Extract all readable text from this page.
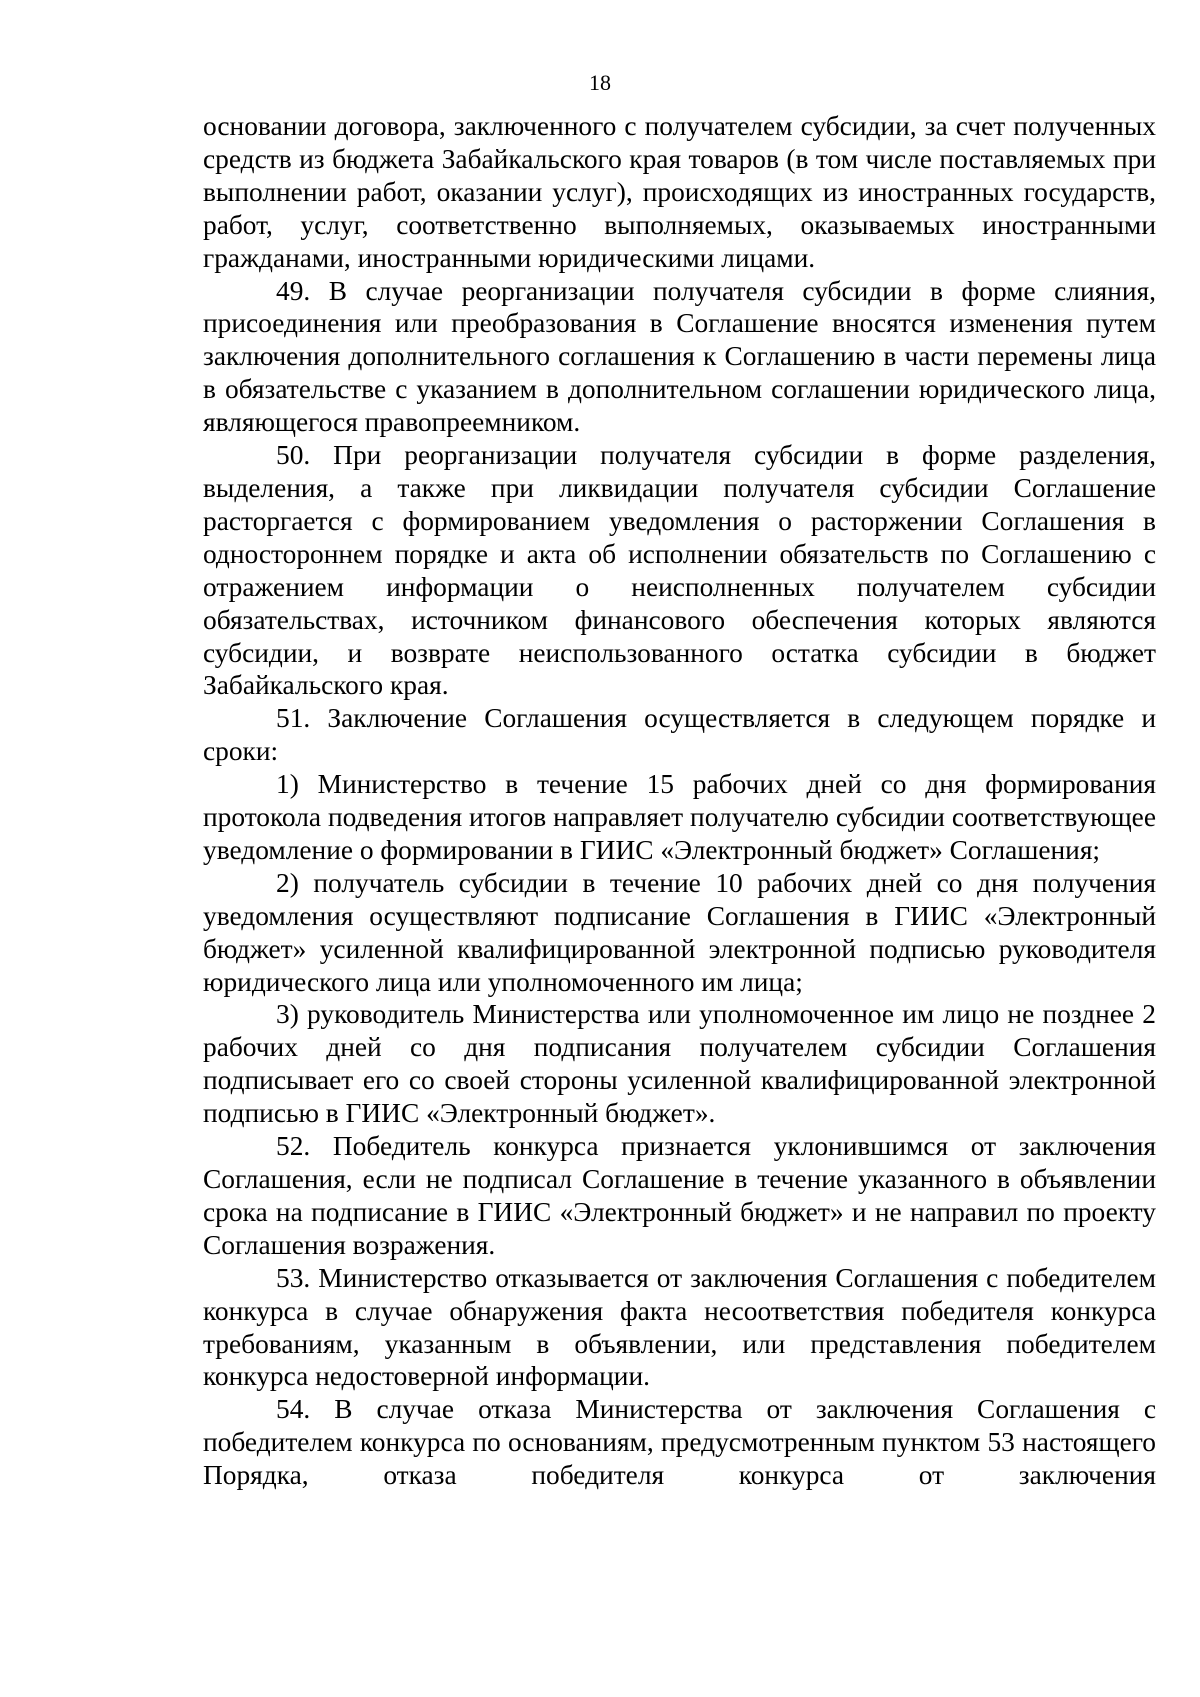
18

основании договора, заключенного с получателем субсидии, за счет полученных средств из бюджета Забайкальского края товаров (в том числе поставляемых при выполнении работ, оказании услуг), происходящих из иностранных государств, работ, услуг, соответственно выполняемых, оказываемых иностранными гражданами, иностранными юридическими лицами.

49. В случае реорганизации получателя субсидии в форме слияния, присоединения или преобразования в Соглашение вносятся изменения путем заключения дополнительного соглашения к Соглашению в части перемены лица в обязательстве с указанием в дополнительном соглашении юридического лица, являющегося правопреемником.

50. При реорганизации получателя субсидии в форме разделения, выделения, а также при ликвидации получателя субсидии Соглашение расторгается с формированием уведомления о расторжении Соглашения в одностороннем порядке и акта об исполнении обязательств по Соглашению с отражением информации о неисполненных получателем субсидии обязательствах, источником финансового обеспечения которых являются субсидии, и возврате неиспользованного остатка субсидии в бюджет Забайкальского края.

51. Заключение Соглашения осуществляется в следующем порядке и сроки:

1) Министерство в течение 15 рабочих дней со дня формирования протокола подведения итогов направляет получателю субсидии соответствующее уведомление о формировании в ГИИС «Электронный бюджет» Соглашения;

2) получатель субсидии в течение 10 рабочих дней со дня получения уведомления осуществляют подписание Соглашения в ГИИС «Электронный бюджет» усиленной квалифицированной электронной подписью руководителя юридического лица или уполномоченного им лица;

3) руководитель Министерства или уполномоченное им лицо не позднее 2 рабочих дней со дня подписания получателем субсидии Соглашения подписывает его со своей стороны усиленной квалифицированной электронной подписью в ГИИС «Электронный бюджет».

52. Победитель конкурса признается уклонившимся от заключения Соглашения, если не подписал Соглашение в течение указанного в объявлении срока на подписание в ГИИС «Электронный бюджет» и не направил по проекту Соглашения возражения.

53. Министерство отказывается от заключения Соглашения с победителем конкурса в случае обнаружения факта несоответствия победителя конкурса требованиям, указанным в объявлении, или представления победителем конкурса недостоверной информации.

54. В случае отказа Министерства от заключения Соглашения с победителем конкурса по основаниям, предусмотренным пунктом 53 настоящего Порядка, отказа победителя конкурса от заключения
